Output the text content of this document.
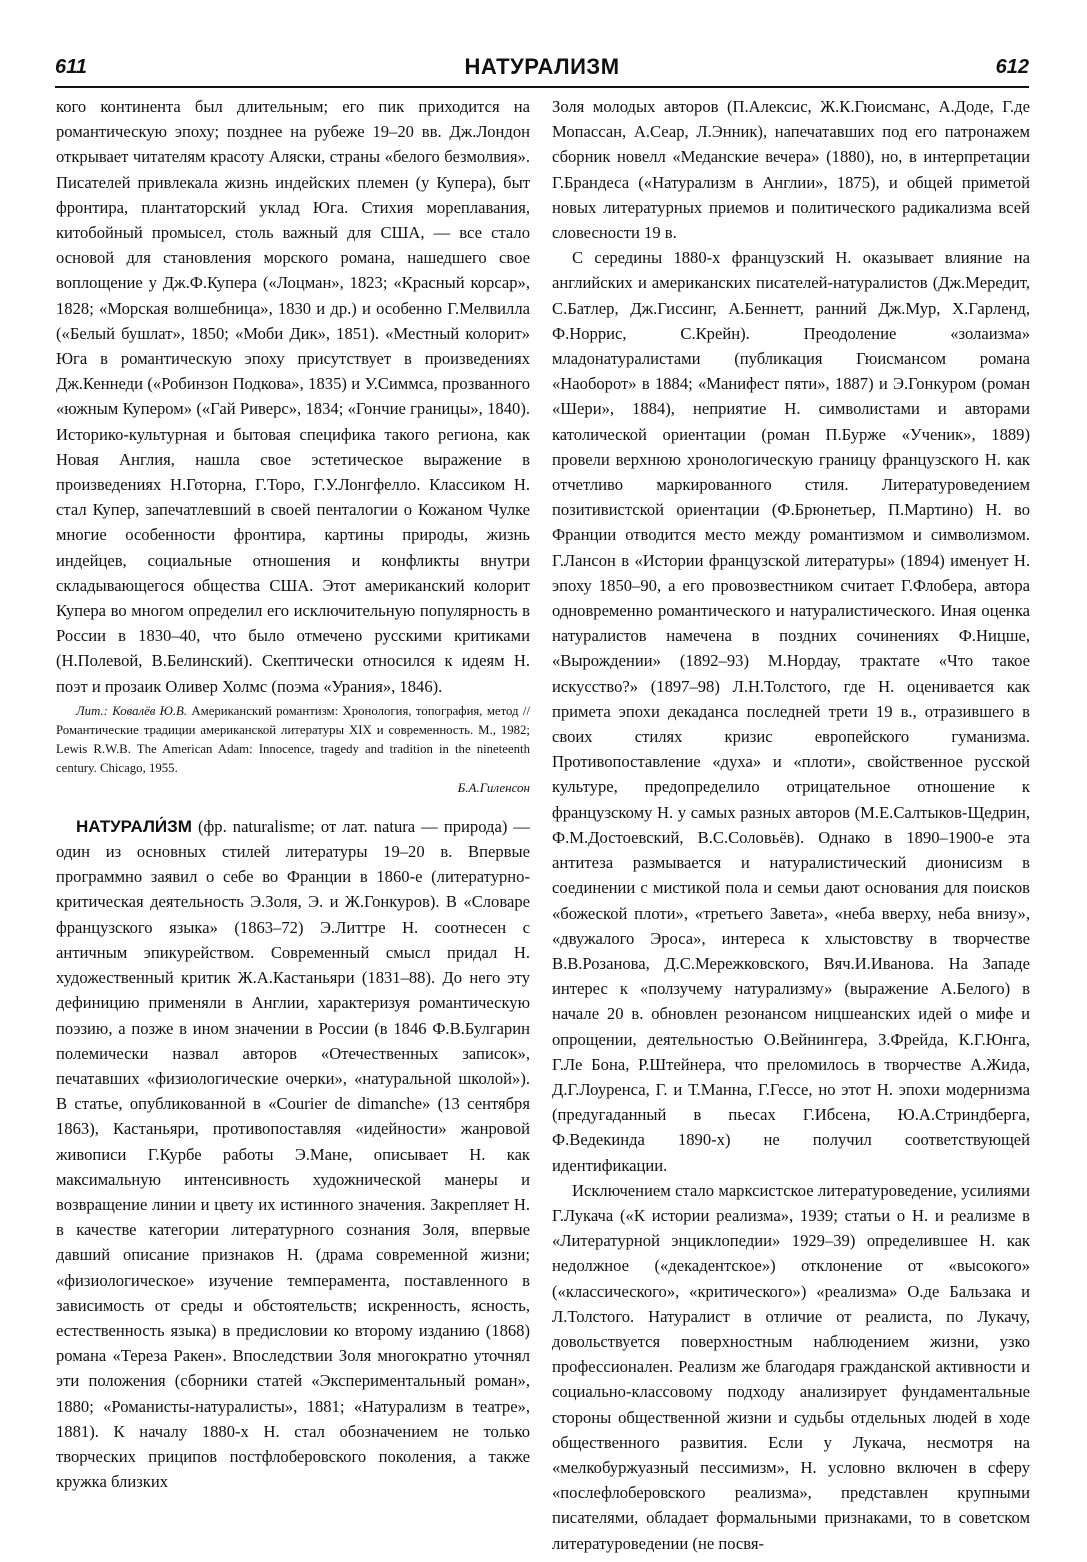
611	НАТУРАЛИЗМ	612

кого континента был длительным; его пик приходится на романтическую эпоху; позднее на рубеже 19–20 вв. Дж.Лондон открывает читателям красоту Аляски, страны «белого безмолвия». Писателей привлекала жизнь индейских племен (у Купера), быт фронтира, плантаторский уклад Юга. Стихия мореплавания, китобойный промысел, столь важный для США, — все стало основой для становления морского романа, нашедшего свое воплощение у Дж.Ф.Купера («Лоцман», 1823; «Красный корсар», 1828; «Морская волшебница», 1830 и др.) и особенно Г.Мелвилла («Белый бушлат», 1850; «Моби Дик», 1851). «Местный колорит» Юга в романтическую эпоху присутствует в произведениях Дж.Кеннеди («Робинзон Подкова», 1835) и У.Симмса, прозванного «южным Купером» («Гай Риверс», 1834; «Гончие границы», 1840). Историко-культурная и бытовая специфика такого региона, как Новая Англия, нашла свое эстетическое выражение в произведениях Н.Готорна, Г.Торо, Г.У.Лонгфелло. Классиком Н. стал Купер, запечатлевший в своей пенталогии о Кожаном Чулке многие особенности фронтира, картины природы, жизнь индейцев, социальные отношения и конфликты внутри складывающегося общества США. Этот американский колорит Купера во многом определил его исключительную популярность в России в 1830–40, что было отмечено русскими критиками (Н.Полевой, В.Белинский). Скептически относился к идеям Н. поэт и прозаик Оливер Холмс (поэма «Урания», 1846).

Лит.: Ковалёв Ю.В. Американский романтизм: Хронология, топография, метод // Романтические традиции американской литературы XIX и современность. М., 1982; Lewis R.W.B. The American Adam: Innocence, tragedy and tradition in the nineteenth century. Chicago, 1955.

Б.А.Гиленсон

НАТУРАЛИ́ЗМ (фр. naturalisme; от лат. natura — природа) — один из основных стилей литературы 19–20 в. Впервые программно заявил о себе во Франции в 1860-е (литературно-критическая деятельность Э.Золя, Э. и Ж.Гонкуров). В «Словаре французского языка» (1863–72) Э.Литтре Н. соотнесен с античным эпикурейством. Современный смысл придал Н. художественный критик Ж.А.Кастаньяри (1831–88). До него эту дефиницию применяли в Англии, характеризуя романтическую поэзию, а позже в ином значении в России (в 1846 Ф.В.Булгарин полемически назвал авторов «Отечественных записок», печатавших «физиологические очерки», «натуральной школой»). В статье, опубликованной в «Courier de dimanche» (13 сентября 1863), Кастаньяри, противопоставляя «идейности» жанровой живописи Г.Курбе работы Э.Мане, описывает Н. как максимальную интенсивность художнической манеры и возвращение линии и цвету их истинного значения. Закрепляет Н. в качестве категории литературного сознания Золя, впервые давший описание признаков Н. (драма современной жизни; «физиологическое» изучение темперамента, поставленного в зависимость от среды и обстоятельств; искренность, ясность, естественность языка) в предисловии ко второму изданию (1868) романа «Тереза Ракен». Впоследствии Золя многократно уточнял эти положения (сборники статей «Экспериментальный роман», 1880; «Романисты-натуралисты», 1881; «Натурализм в театре», 1881). К началу 1880-х Н. стал обозначением не только творческих приципов постфлоберовского поколения, а также кружка близких

Золя молодых авторов (П.Алексис, Ж.К.Гюисманс, А.Доде, Г.де Мопассан, А.Сеар, Л.Энник), напечатавших под его патронажем сборник новелл «Меданские вечера» (1880), но, в интерпретации Г.Брандеса («Натурализм в Англии», 1875), и общей приметой новых литературных приемов и политического радикализма всей словесности 19 в.

С середины 1880-х французский Н. оказывает влияние на английских и американских писателей-натуралистов (Дж.Мередит, С.Батлер, Дж.Гиссинг, А.Беннетт, ранний Дж.Мур, Х.Гарленд, Ф.Норрис, С.Крейн). Преодоление «золаизма» младонатуралистами (публикация Гюисмансом романа «Наоборот» в 1884; «Манифест пяти», 1887) и Э.Гонкуром (роман «Шери», 1884), неприятие Н. символистами и авторами католической ориентации (роман П.Бурже «Ученик», 1889) провели верхнюю хронологическую границу французского Н. как отчетливо маркированного стиля. Литературоведением позитивистской ориентации (Ф.Брюнетьер, П.Мартино) Н. во Франции отводится место между романтизмом и символизмом. Г.Лансон в «Истории французской литературы» (1894) именует Н. эпоху 1850–90, а его провозвестником считает Г.Флобера, автора одновременно романтического и натуралистического. Иная оценка натуралистов намечена в поздних сочинениях Ф.Ницше, «Вырождении» (1892–93) М.Нордау, трактате «Что такое искусство?» (1897–98) Л.Н.Толстого, где Н. оценивается как примета эпохи декаданса последней трети 19 в., отразившего в своих стилях кризис европейского гуманизма. Противопоставление «духа» и «плоти», свойственное русской культуре, предопределило отрицательное отношение к французскому Н. у самых разных авторов (М.Е.Салтыков-Щедрин, Ф.М.Достоевский, В.С.Соловьёв). Однако в 1890–1900-е эта антитеза размывается и натуралистический дионисизм в соединении с мистикой пола и семьи дают основания для поисков «божеской плоти», «третьего Завета», «неба вверху, неба внизу», «двужалого Эроса», интереса к хлыстовству в творчестве В.В.Розанова, Д.С.Мережковского, Вяч.И.Иванова. На Западе интерес к «ползучему натурализму» (выражение А.Белого) в начале 20 в. обновлен резонансом ницшеанских идей о мифе и опрощении, деятельностью О.Вейнингера, З.Фрейда, К.Г.Юнга, Г.Ле Бона, Р.Штейнера, что преломилось в творчестве А.Жида, Д.Г.Лоуренса, Г. и Т.Манна, Г.Гессе, но этот Н. эпохи модернизма (предугаданный в пьесах Г.Ибсена, Ю.А.Стриндберга, Ф.Ведекинда 1890-х) не получил соответствующей идентификации.

Исключением стало марксистское литературоведение, усилиями Г.Лукача («К истории реализма», 1939; статьи о Н. и реализме в «Литературной энциклопедии» 1929–39) определившее Н. как недолжное («декадентское») отклонение от «высокого» («классического», «критического») «реализма» О.де Бальзака и Л.Толстого. Натуралист в отличие от реалиста, по Лукачу, довольствуется поверхностным наблюдением жизни, узко профессионален. Реализм же благодаря гражданской активности и социально-классовому подходу анализирует фундаментальные стороны общественной жизни и судьбы отдельных людей в ходе общественного развития. Если у Лукача, несмотря на «мелкобуржуазный пессимизм», Н. условно включен в сферу «послефлоберовского реализма», представлен крупными писателями, обладает формальными признаками, то в советском литературоведении (не посвя-
